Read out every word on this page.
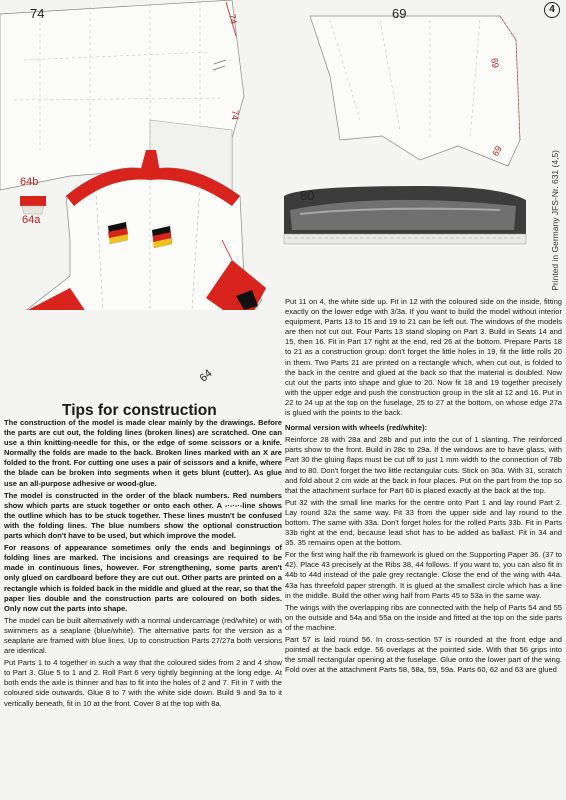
4
Printed in Germany JFS-Nr. 631 (4,5)
74	74
74
69
69
69
80
64b
64a
64
Tips for construction

The construction of the model is made clear mainly by the drawings. Before the parts are cut out, the folding lines (broken lines) are scratched. One can use a thin knitting-needle for this, or the edge of some scissors or a knife. Normally the folds are made to the back. Broken lines marked with an X are folded to the front. For cutting one uses a pair of scissors and a knife, where the blade can be broken into segments when it gets blunt (cutter). As glue use an all-purpose adhesive or wood-glue.

The model is constructed in the order of the black numbers. Red numbers show which parts are stuck together or onto each other. A -·-·-·-line shows the outline which has to be stuck together. These lines mustn't be confused with the folding lines. The blue numbers show the optional construction parts which don't have to be used, but which improve the model.

For reasons of appearance sometimes only the ends and beginnings of folding lines are marked. The incisions and creasings are required to be made in continuous lines, however. For strengthening, some parts aren't only glued on cardboard before they are cut out. Other parts are printed on a rectangle which is folded back in the middle and glued at the rear, so that the paper lies double and the construction parts are coloured on both sides. Only now cut the parts into shape.

The model can be built alternatively with a normal undercarriage (red/white) or with swimmers as a seaplane (blue/white). The alternative parts for the version as a seaplane are framed with blue lines. Up to construction Parts 27/27a both versions are identical.

Put Parts 1 to 4 together in such a way that the coloured sides from 2 and 4 show to Part 3. Glue 5 to 1 and 2. Roll Part 6 very tightly beginning at the long edge. At both ends the axle is thinner and has to fit into the holes of 2 and 7. Fit in 7 with the coloured side outwards. Glue 8 to 7 with the white side down. Build 9 and 9a to it vertically beneath, fit in 10 at the front. Cover 8 at the top with 8a.

Put 11 on 4, the white side up. Fit in 12 with the coloured side on the inside, fitting exactly on the lower edge with 3/3a. If you want to build the model without interior equipment, Parts 13 to 15 and 19 to 21 can be left out. The windows of the models are then not cut out. Four Parts 13 stand sloping on Part 3. Build in Seats 14 and 15, then 16. Fit in Part 17 right at the end, red 26 at the bottom. Prepare Parts 18 to 21 as a construction group: don't forget the little holes in 19, fit the little rolls 20 in them. Two Parts 21 are printed on a rectangle which, when cut out, is folded to the back in the centre and glued at the back so that the material is doubled. Now cut out the parts into shape and glue to 20. Now fit 18 and 19 together precisely with the upper edge and push the construction group in the slit at 12 and 16. Put in 22 to 24 up at the top on the fuselage, 25 to 27 at the bottom, on whose edge 27a is glued with the points to the back.

Normal version with wheels (red/white):

Reinforce 28 with 28a and 28b and put into the cut of 1 slanting. The reinforced parts show to the front. Build in 28c to 29a. If the windows are to have glass, with Part 30 the gluing flaps must be cut off to just 1 mm width to the connection of 78b and to 80. Don't forget the two little rectangular cuts. Stick on 30a. With 31, scratch and fold about 2 cm wide at the back in four places. Put on the part from the top so that the attachment surface for Part 60 is placed exactly at the back at the top.

Put 32 with the small line marks for the centre onto Part 1 and lay round Part 2. Lay round 32a the same way. Fit 33 from the upper side and lay round to the bottom. The same with 33a. Don't forget holes for the rolled Parts 33b. Fit in Parts 33b right at the end, because lead shot has to be added as ballast. Fit in 34 and 35. 35 remains open at the bottom.

For the first wing half the rib framework is glued on the Supporting Paper 36. (37 to 42). Place 43 precisely at the Ribs 38, 44 follows. If you want to, you can also fit in 44b to 44d instead of the pale grey rectangle. Close the end of the wing with 44a. 43a has threefold paper strength. It is glued at the smallest circle which has a line in the middle. Build the other wing half from Parts 45 to 53a in the same way.

The wings with the overlapping ribs are connected with the help of Parts 54 and 55 on the outside and 54a and 55a on the inside and fitted at the top on the side parts of the machine.

Part 57 is laid round 56. In cross-section 57 is rounded at the front edge and pointed at the back edge. 56 overlaps at the pointed side. With that 56 grips into the small rectangular opening at the fuselage. Glue onto the lower part of the wing. Fold over at the attachment Parts 58, 58a, 59, 59a. Parts 60, 62 and 63 are glued
